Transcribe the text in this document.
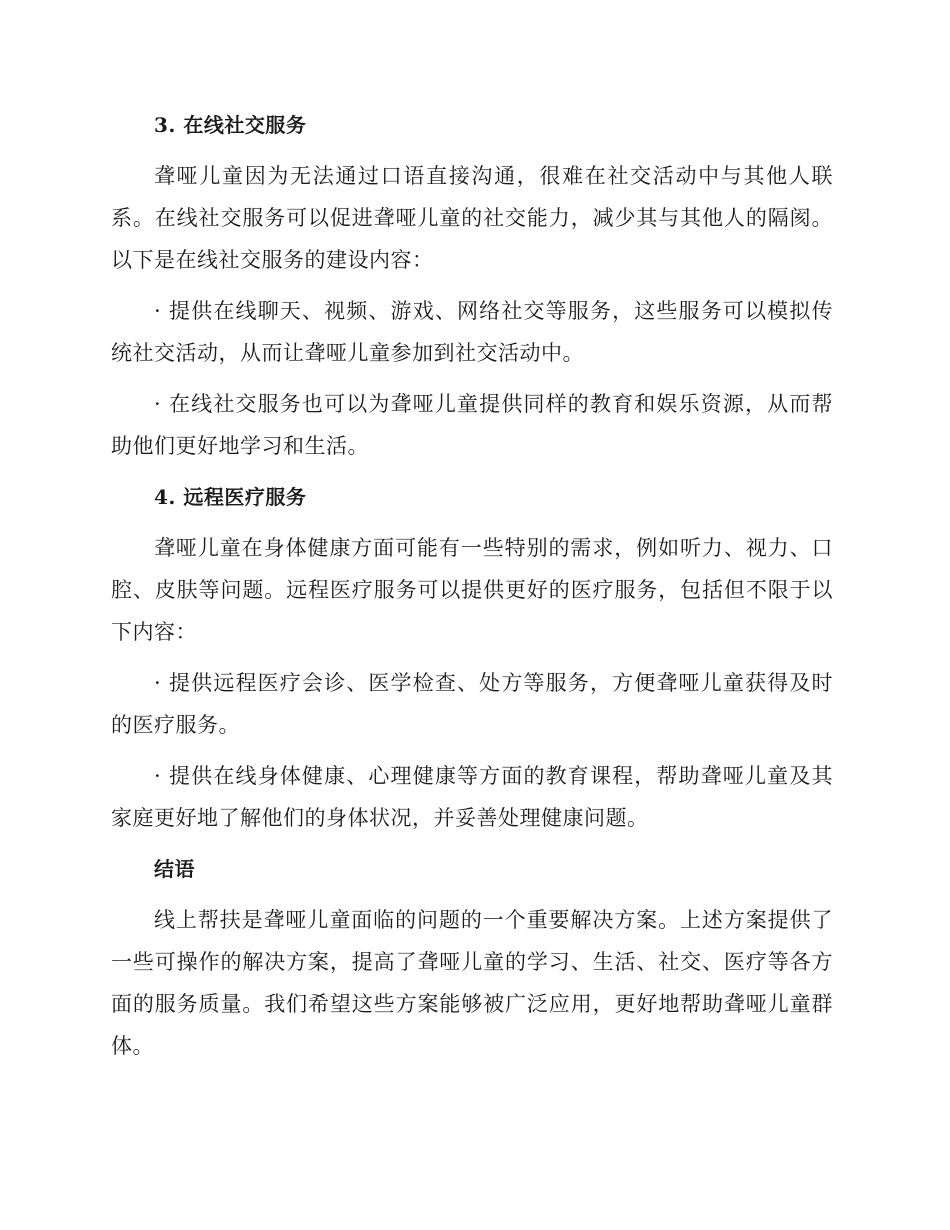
3. 在线社交服务

聋哑儿童因为无法通过口语直接沟通，很难在社交活动中与其他人联系。在线社交服务可以促进聋哑儿童的社交能力，减少其与其他人的隔阂。以下是在线社交服务的建设内容：

· 提供在线聊天、视频、游戏、网络社交等服务，这些服务可以模拟传统社交活动，从而让聋哑儿童参加到社交活动中。

· 在线社交服务也可以为聋哑儿童提供同样的教育和娱乐资源，从而帮助他们更好地学习和生活。

4. 远程医疗服务

聋哑儿童在身体健康方面可能有一些特别的需求，例如听力、视力、口腔、皮肤等问题。远程医疗服务可以提供更好的医疗服务，包括但不限于以下内容：

· 提供远程医疗会诊、医学检查、处方等服务，方便聋哑儿童获得及时的医疗服务。

· 提供在线身体健康、心理健康等方面的教育课程，帮助聋哑儿童及其家庭更好地了解他们的身体状况，并妥善处理健康问题。

结语

线上帮扶是聋哑儿童面临的问题的一个重要解决方案。上述方案提供了一些可操作的解决方案，提高了聋哑儿童的学习、生活、社交、医疗等各方面的服务质量。我们希望这些方案能够被广泛应用，更好地帮助聋哑儿童群体。
